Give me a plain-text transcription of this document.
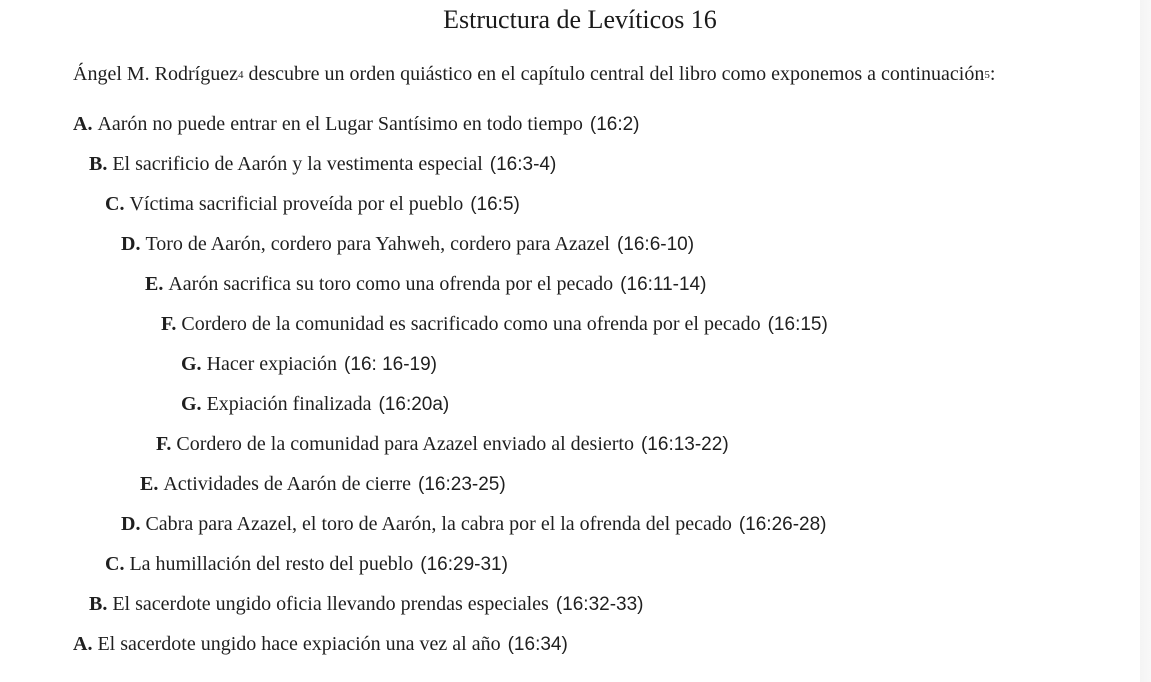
Estructura de Levíticos 16
Ángel M. Rodríguez$^4$ descubre un orden quiástico en el capítulo central del libro como exponemos a continuación$^5$:
A. Aarón no puede entrar en el Lugar Santísimo en todo tiempo (16:2)
B. El sacrificio de Aarón y la vestimenta especial (16:3-4)
C. Víctima sacrificial proveída por el pueblo (16:5)
D. Toro de Aarón, cordero para Yahweh, cordero para Azazel (16:6-10)
E. Aarón sacrifica su toro como una ofrenda por el pecado (16:11-14)
F. Cordero de la comunidad es sacrificado como una ofrenda por el pecado (16:15)
G. Hacer expiación (16: 16-19)
G. Expiación finalizada (16:20a)
F. Cordero de la comunidad para Azazel enviado al desierto (16:13-22)
E. Actividades de Aarón de cierre (16:23-25)
D. Cabra para Azazel, el toro de Aarón, la cabra por el la ofrenda del pecado (16:26-28)
C. La humillación del resto del pueblo (16:29-31)
B. El sacerdote ungido oficia llevando prendas especiales (16:32-33)
A. El sacerdote ungido hace expiación una vez al año (16:34)
